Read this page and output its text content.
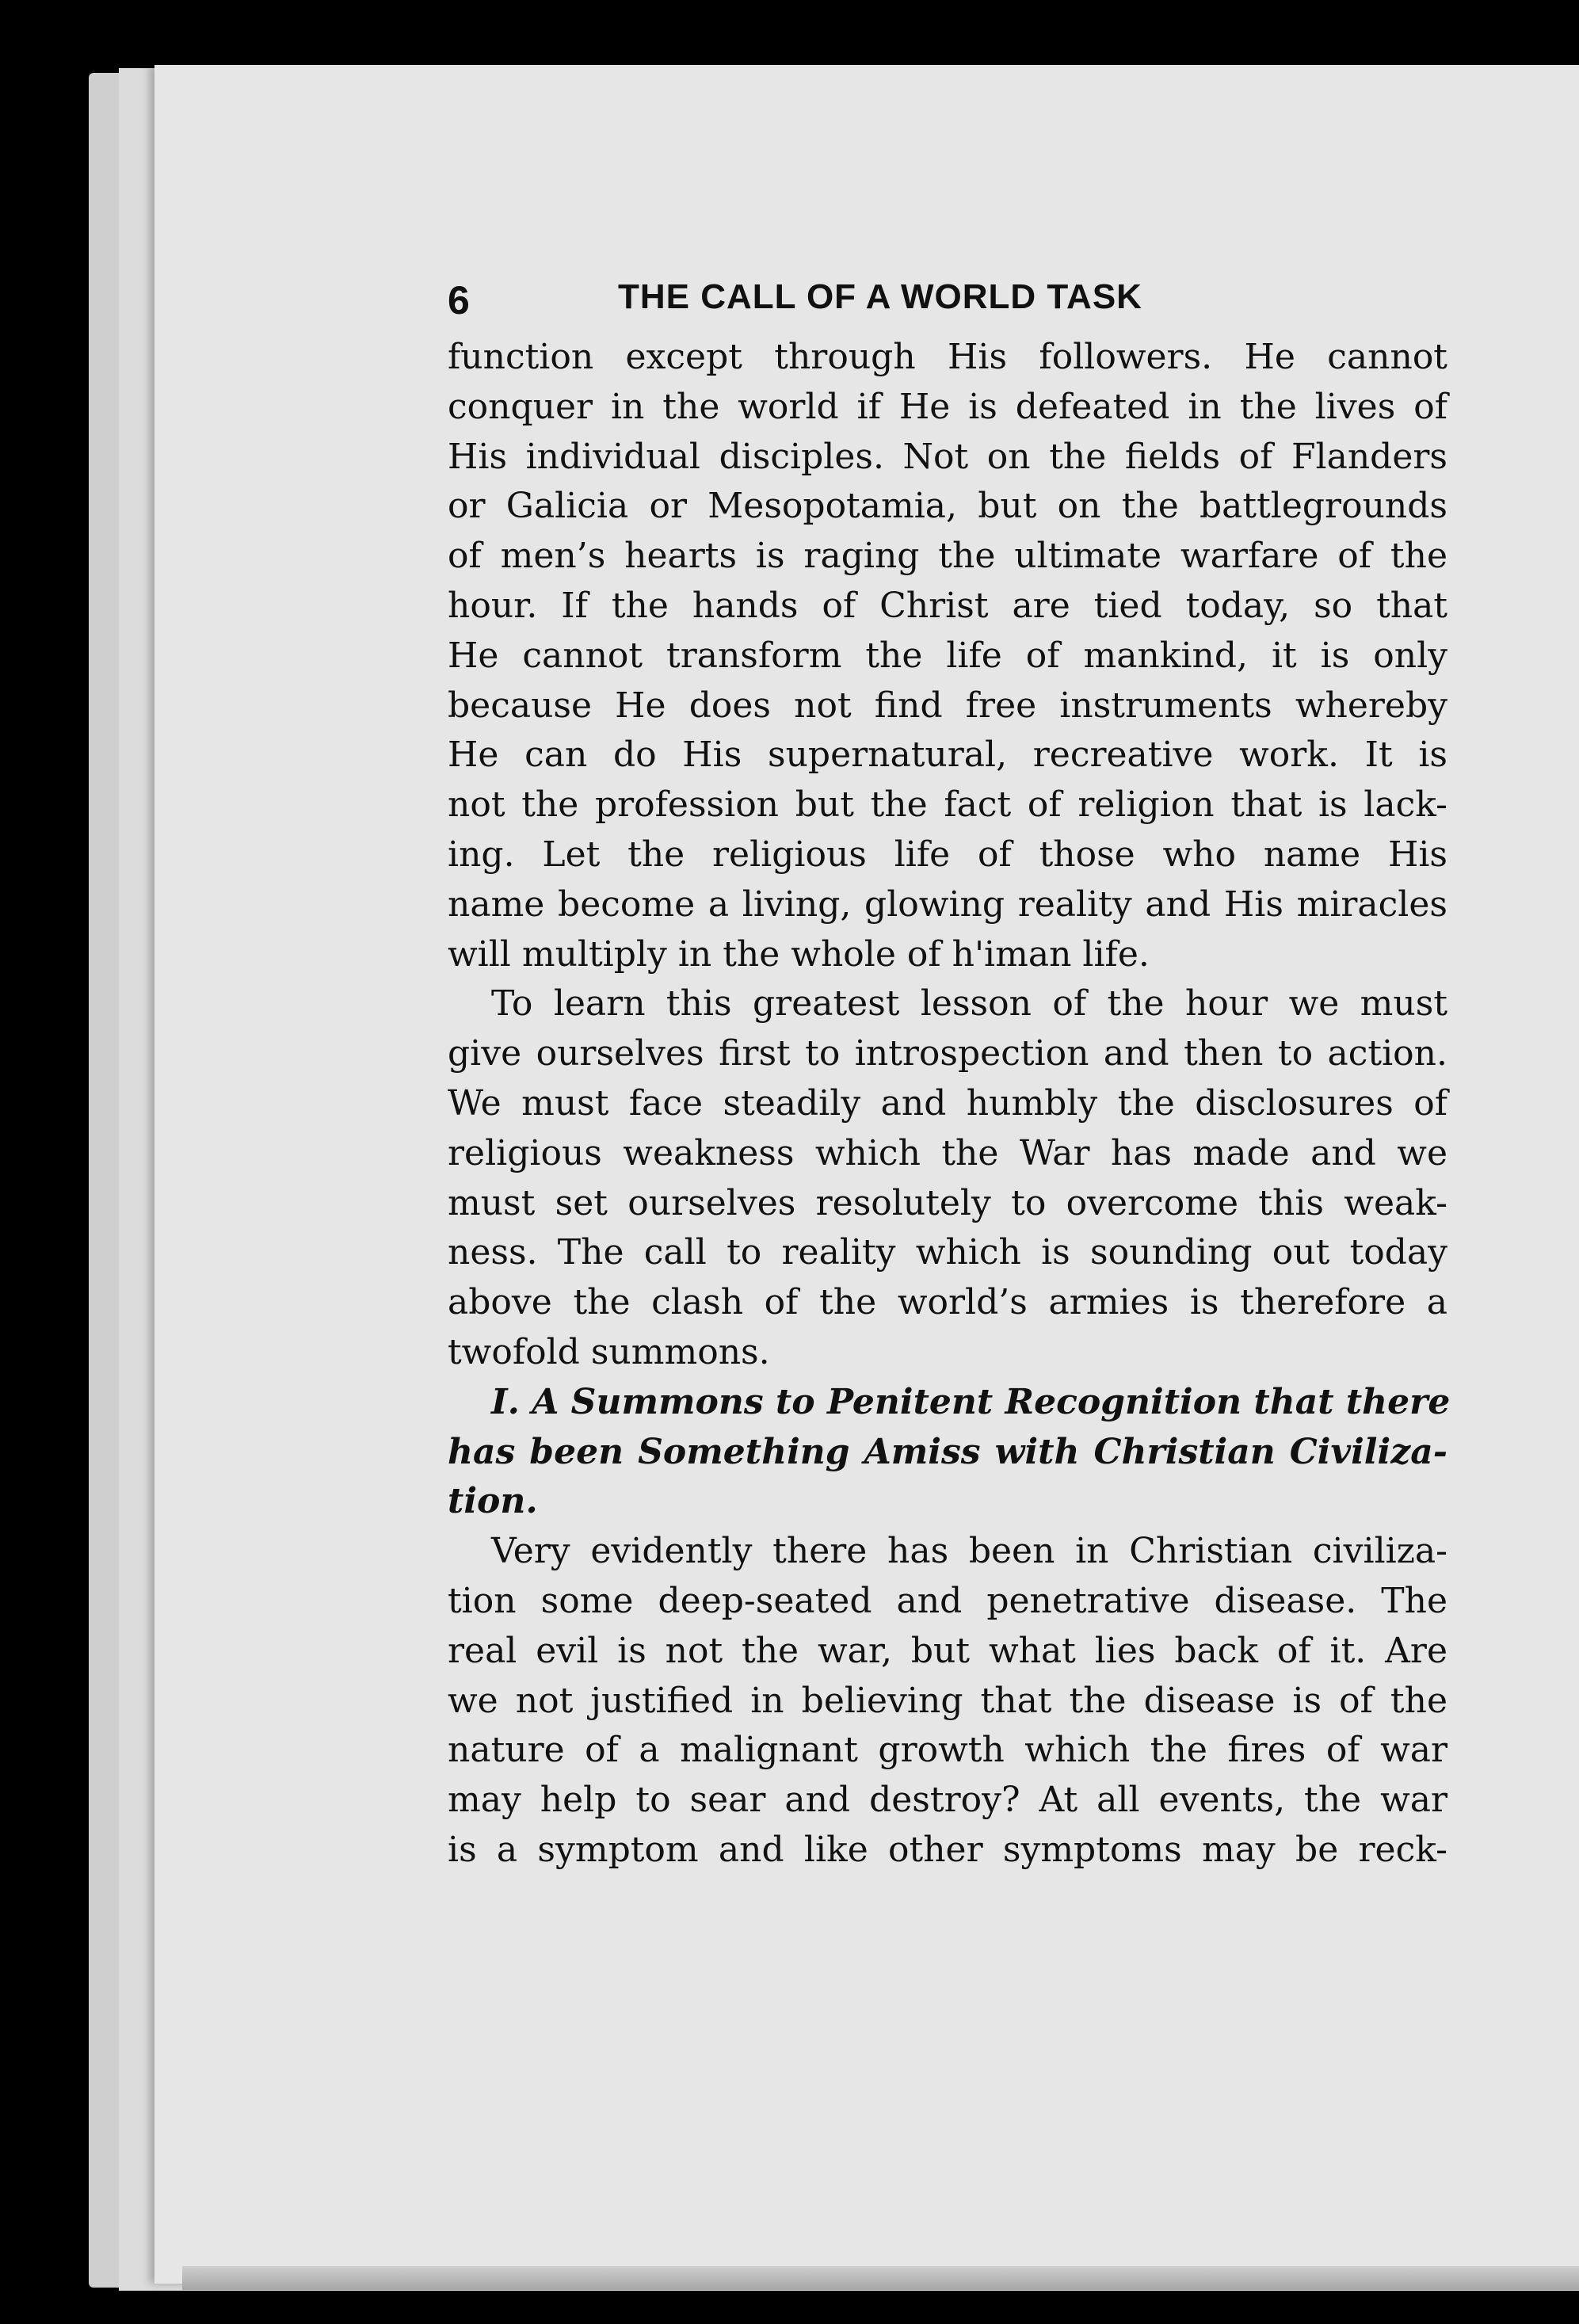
6	THE CALL OF A WORLD TASK
function except through His followers. He cannot
conquer in the world if He is defeated in the lives of
His individual disciples. Not on the fields of Flanders
or Galicia or Mesopotamia, but on the battlegrounds
of men’s hearts is raging the ultimate warfare of the
hour. If the hands of Christ are tied today, so that
He cannot transform the life of mankind, it is only
because He does not find free instruments whereby
He can do His supernatural, recreative work. It is
not the profession but the fact of religion that is lack-
ing. Let the religious life of those who name His
name become a living, glowing reality and His miracles
will multiply in the whole of h'iman life.
To learn this greatest lesson of the hour we must
give ourselves first to introspection and then to action.
We must face steadily and humbly the disclosures of
religious weakness which the War has made and we
must set ourselves resolutely to overcome this weak-
ness. The call to reality which is sounding out today
above the clash of the world’s armies is therefore a
twofold summons.
I. A Summons to Penitent Recognition that there
has been Something Amiss with Christian Civiliza-
tion.
Very evidently there has been in Christian civiliza-
tion some deep-seated and penetrative disease. The
real evil is not the war, but what lies back of it. Are
we not justified in believing that the disease is of the
nature of a malignant growth which the fires of war
may help to sear and destroy? At all events, the war
is a symptom and like other symptoms may be reck-
